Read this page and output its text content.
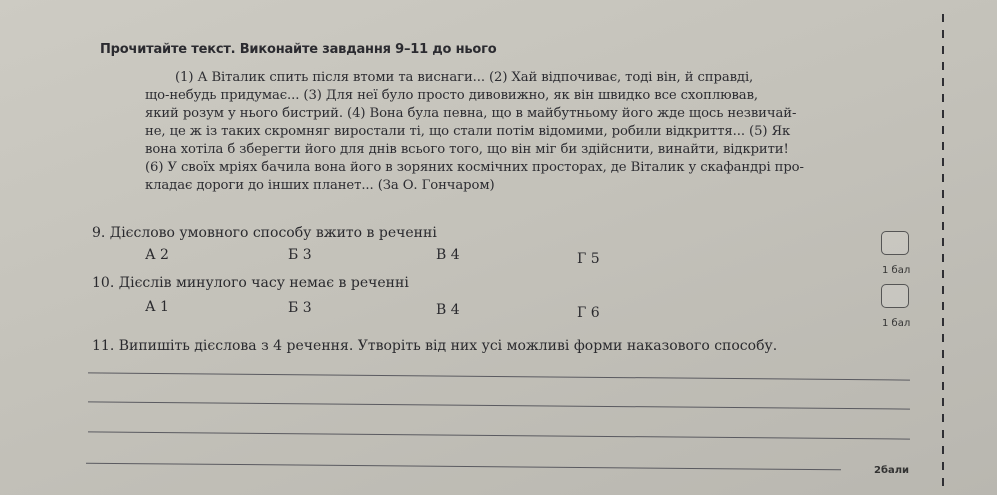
Прочитайте текст. Виконайте завдання 9–11 до нього
(1) А Віталик спить після втоми та виснаги... (2) Хай відпочиває, тоді він, й справді,
що-небудь придумає... (3) Для неї було просто дивовижно, як він швидко все схоплював,
який розум у нього бистрий. (4) Вона була певна, що в майбутньому його жде щось незвичай-
не, це ж із таких скромняг виростали ті, що стали потім відомими, робили відкриття... (5) Як
вона хотіла б зберегти його для днів всього того, що він міг би здійснити, винайти, відкрити!
(6) У своїх мріях бачила вона його в зоряних космічних просторах, де Віталик у скафандрі про-
кладає дороги до інших планет... (За О. Гончаром)
9. Дієслово умовного способу вжито в реченні
А 2	Б 3	В 4	Г 5
1 бал
10. Дієслів минулого часу немає в реченні
А 1	Б 3	В 4	Г 6
1 бал
11. Випишіть дієслова з 4 речення. Утворіть від них усі можливі форми наказового способу.
2бали
